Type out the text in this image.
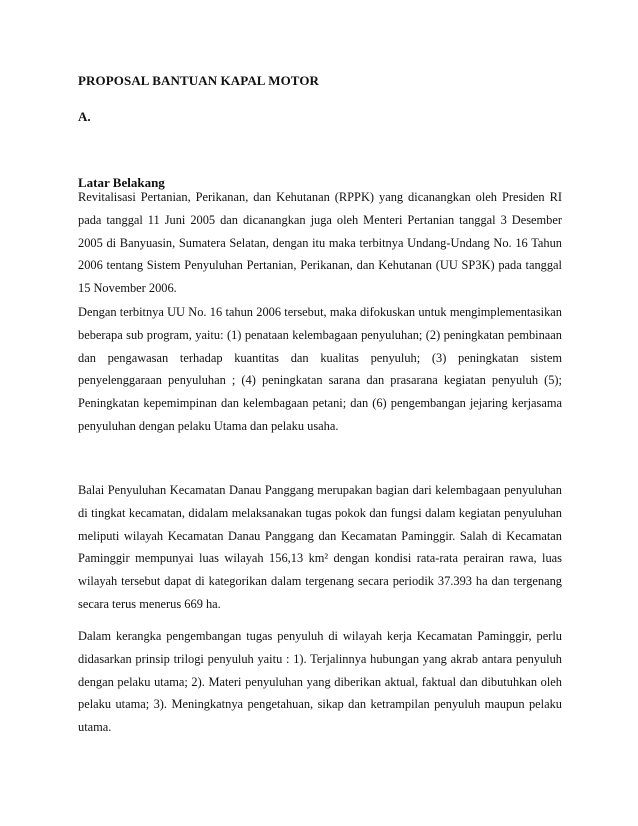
PROPOSAL BANTUAN KAPAL MOTOR
A.
Latar Belakang

Revitalisasi Pertanian, Perikanan, dan Kehutanan (RPPK) yang dicanangkan oleh Presiden RI pada tanggal 11 Juni 2005 dan dicanangkan juga oleh Menteri Pertanian tanggal 3 Desember 2005 di Banyuasin, Sumatera Selatan, dengan itu maka terbitnya Undang-Undang No. 16 Tahun 2006 tentang Sistem Penyuluhan Pertanian, Perikanan, dan Kehutanan (UU SP3K) pada tanggal 15 November 2006.

Dengan terbitnya UU No. 16 tahun 2006 tersebut, maka difokuskan untuk mengimplementasikan beberapa sub program, yaitu: (1) penataan kelembagaan penyuluhan; (2) peningkatan pembinaan dan pengawasan terhadap kuantitas dan kualitas penyuluh; (3) peningkatan sistem penyelenggaraan penyuluhan ; (4) peningkatan sarana dan prasarana kegiatan penyuluh (5); Peningkatan kepemimpinan dan kelembagaan petani; dan (6) pengembangan jejaring kerjasama penyuluhan dengan pelaku Utama dan pelaku usaha.

Balai Penyuluhan Kecamatan Danau Panggang merupakan bagian dari kelembagaan penyuluhan di tingkat kecamatan, didalam melaksanakan tugas pokok dan fungsi dalam kegiatan penyuluhan meliputi wilayah Kecamatan Danau Panggang dan Kecamatan Paminggir. Salah di Kecamatan Paminggir mempunyai luas wilayah 156,13 km² dengan kondisi rata-rata perairan rawa, luas wilayah tersebut dapat di kategorikan dalam tergenang secara periodik 37.393 ha dan tergenang secara terus menerus 669 ha.

Dalam kerangka pengembangan tugas penyuluh di wilayah kerja Kecamatan Paminggir, perlu didasarkan prinsip trilogi penyuluh yaitu : 1). Terjalinnya hubungan yang akrab antara penyuluh dengan pelaku utama; 2). Materi penyuluhan yang diberikan aktual, faktual dan dibutuhkan oleh pelaku utama; 3). Meningkatnya pengetahuan, sikap dan ketrampilan penyuluh maupun pelaku utama.
